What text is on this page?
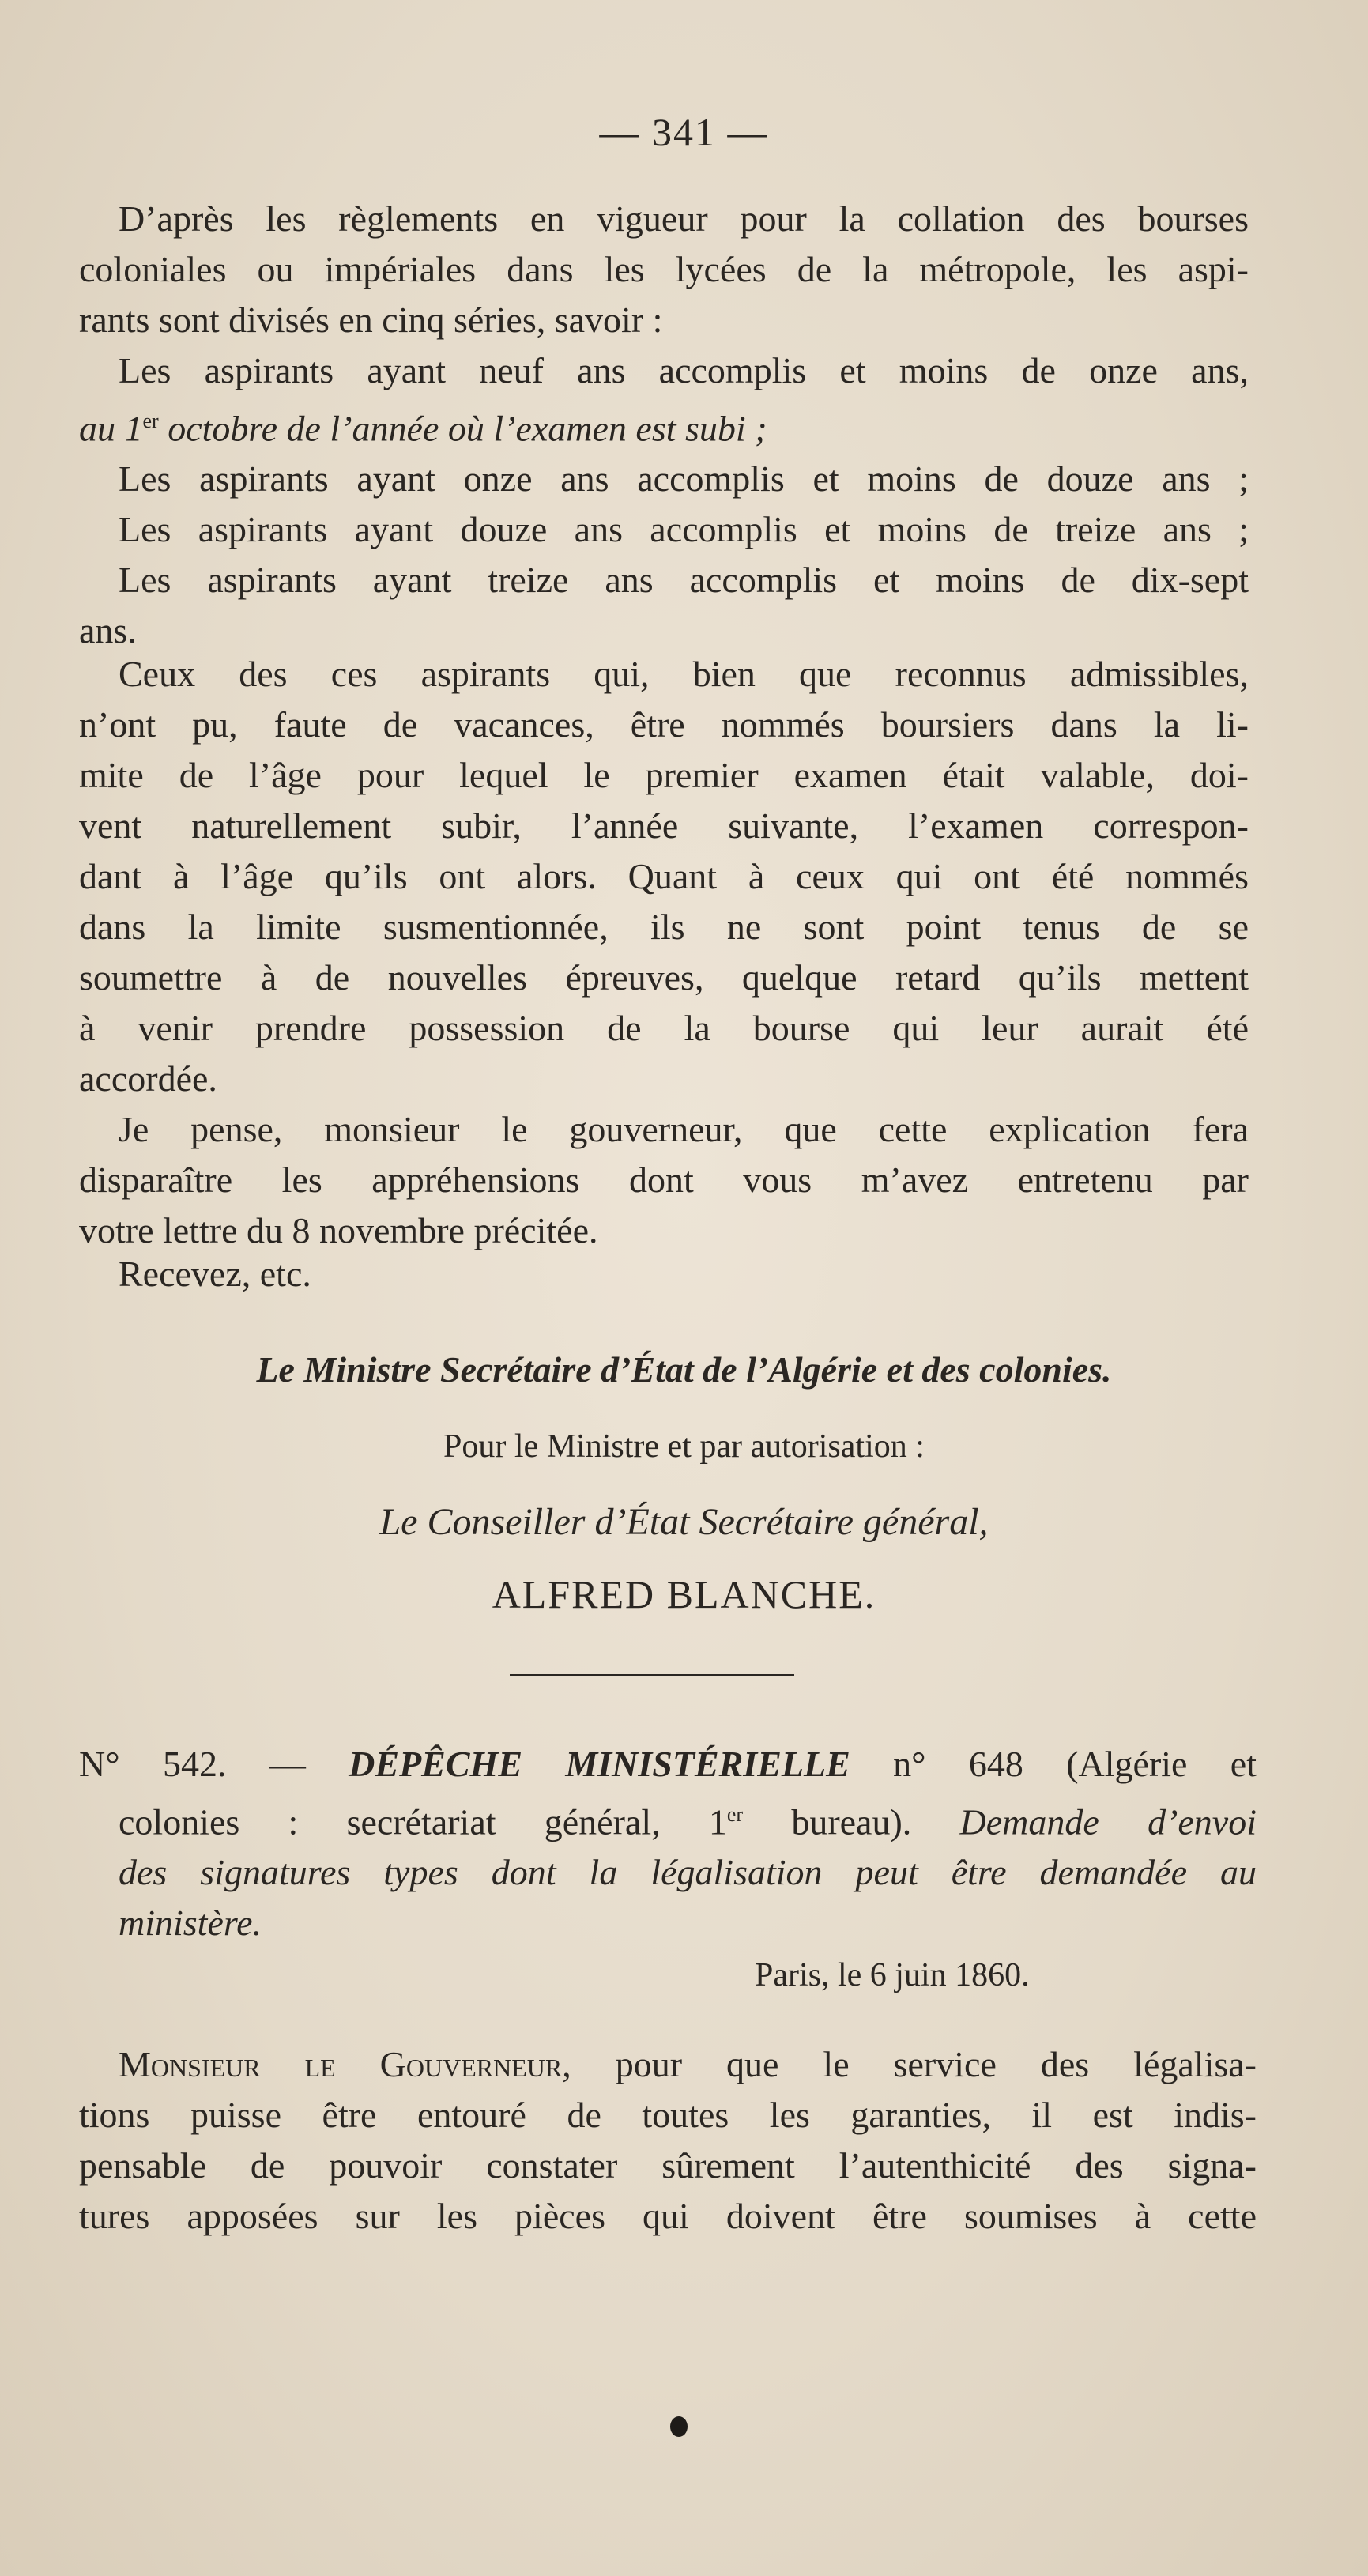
— 341 —
D’après les règlements en vigueur pour la collation des bourses
coloniales ou impériales dans les lycées de la métropole, les aspi-
rants sont divisés en cinq séries, savoir :
Les aspirants ayant neuf ans accomplis et moins de onze ans,
au 1er octobre de l’année où l’examen est subi ;
Les aspirants ayant onze ans accomplis et moins de douze ans ;
Les aspirants ayant douze ans accomplis et moins de treize ans ;
Les aspirants ayant treize ans accomplis et moins de dix-sept
ans.
Ceux des ces aspirants qui, bien que reconnus admissibles,
n’ont pu, faute de vacances, être nommés boursiers dans la li-
mite de l’âge pour lequel le premier examen était valable, doi-
vent naturellement subir, l’année suivante, l’examen correspon-
dant à l’âge qu’ils ont alors. Quant à ceux qui ont été nommés
dans la limite susmentionnée, ils ne sont point tenus de se
soumettre à de nouvelles épreuves, quelque retard qu’ils mettent
à venir prendre possession de la bourse qui leur aurait été
accordée.
Je pense, monsieur le gouverneur, que cette explication fera
disparaître les appréhensions dont vous m’avez entretenu par
votre lettre du 8 novembre précitée.
Recevez, etc.
Le Ministre Secrétaire d’État de l’Algérie et des colonies.
Pour le Ministre et par autorisation :
Le Conseiller d’État Secrétaire général,
ALFRED BLANCHE.
N° 542. — DÉPÊCHE MINISTÉRIELLE n° 648 (Algérie et
colonies : secrétariat général, 1er bureau). Demande d’envoi
des signatures types dont la légalisation peut être demandée au
ministère.
Paris, le 6 juin 1860.
Monsieur le Gouverneur, pour que le service des légalisa-
tions puisse être entouré de toutes les garanties, il est indis-
pensable de pouvoir constater sûrement l’autenthicité des signa-
tures apposées sur les pièces qui doivent être soumises à cette
